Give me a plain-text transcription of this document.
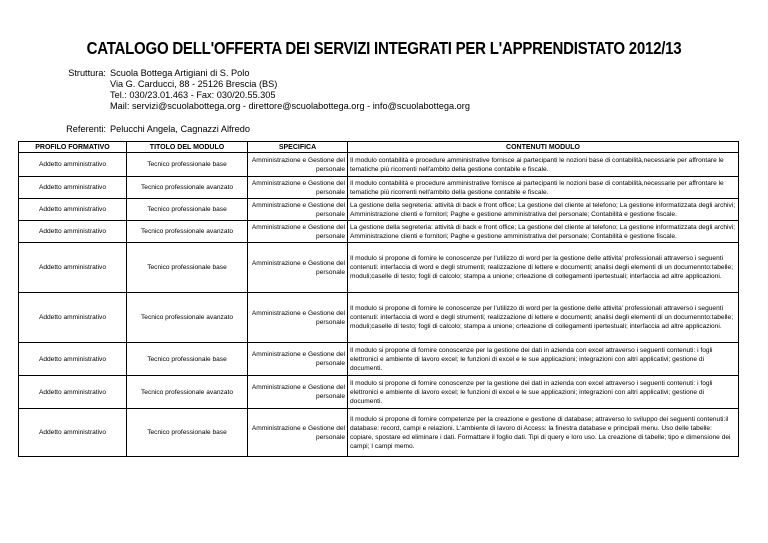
CATALOGO DELL'OFFERTA DEI SERVIZI INTEGRATI PER L'APPRENDISTATO 2012/13
Struttura: Scuola Bottega Artigiani di S. Polo
Via G. Carducci, 88 - 25126 Brescia (BS)
Tel.: 030/23.01.463 - Fax: 030/20.55.305
Mail: servizi@scuolabottega.org - direttore@scuolabottega.org - info@scuolabottega.org
Referenti: Pelucchi Angela, Cagnazzi Alfredo
PROFILO FORMATIVO	TITOLO DEL MODULO	SPECIFICA	CONTENUTI MODULO
Addetto amministrativo	Tecnico professionale base	Amministrazione e Gestione del personale	Il modulo contabilità e procedure amministrative fornisce ai partecipanti le nozioni base di contabilità,necessarie per affrontare le tematiche più ricorrenti nell'ambito della gestione contabile e fiscale.
Addetto amministrativo	Tecnico professionale avanzato	Amministrazione e Gestione del personale	Il modulo contabilità e procedure amministrative fornisce ai partecipanti le nozioni base di contabilità,necessarie per affrontare le tematiche più ricorrenti nell'ambito della gestione contabile e fiscale.
Addetto amministrativo	Tecnico professionale base	Amministrazione e Gestione del personale	La gestione della segreteria: attività di back e front office; La gestione del cliente al telefono; La gestione informatizzata degli archivi; Amministrazione clienti e fornitori; Paghe e gestione amministrativa del personale; Contabilità e gestione fiscale.
Addetto amministrativo	Tecnico professionale avanzato	Amministrazione e Gestione del personale	La gestione della segreteria: attività di back e front office; La gestione del cliente al telefono; La gestione informatizzata degli archivi; Amministrazione clienti e fornitori; Paghe e gestione amministrativa del personale; Contabilità e gestione fiscale.
Addetto amministrativo	Tecnico professionale base	Amministrazione e Gestione del personale	Il modulo si propone di fornire le conoscenze per l'utilizzo di word per la gestione delle attivita' professionali attraverso i seguenti contenuti: interfaccia di word e degli strumenti; realizzazione di lettere e documenti; analisi degli elementi di un documennto:tabelle; moduli;caselle di testo; fogli di calcolo; stampa a unione; crteazione di collegamenti ipertestuali; interfaccia ad altre applicazioni.
Addetto amministrativo	Tecnico professionale avanzato	Amministrazione e Gestione del personale	Il modulo si propone di fornire le conoscenze per l'utilizzo di word per la gestione delle attivita' professionali attraverso i seguenti contenuti: interfaccia di word e degli strumenti; realizzazione di lettere e documenti; analisi degli elementi di un documennto:tabelle; moduli;caselle di testo; fogli di calcolo; stampa a unione; crteazione di collegamenti ipertestuali; interfaccia ad altre applicazioni.
Addetto amministrativo	Tecnico professionale base	Amministrazione e Gestione del personale	Il modulo si propone di fornire conoscenze per la gestione dei dati in azienda con excel attraverso i seguenti contenuti: i fogli elettronici e ambiente di lavoro excel; le funzioni di excel e le sue applicazioni; integrazioni con altri applicativi; gestione di documenti.
Addetto amministrativo	Tecnico professionale avanzato	Amministrazione e Gestione del personale	Il modulo si propone di fornire conoscenze per la gestione dei dati in azienda con excel attraverso i seguenti contenuti: i fogli elettronici e ambiente di lavoro excel; le funzioni di excel e le sue applicazioni; integrazioni con altri applicativi; gestione di documenti.
Addetto amministrativo	Tecnico professionale base	Amministrazione e Gestione del personale	Il modulo si propone di fornire competenze per la creazione e gestione di database; attraverso lo sviluppo dei seguenti contenuti:il database: record, campi e relazioni. L'ambiente di lavoro di Access: la finestra database e principali menu. Uso delle tabelle: copiare, spostare ed eliminare i dati. Formattare il foglio dati. Tipi di query e loro uso. La creazione di tabelle; tipo e dimensione dei campi; I campi memo.
